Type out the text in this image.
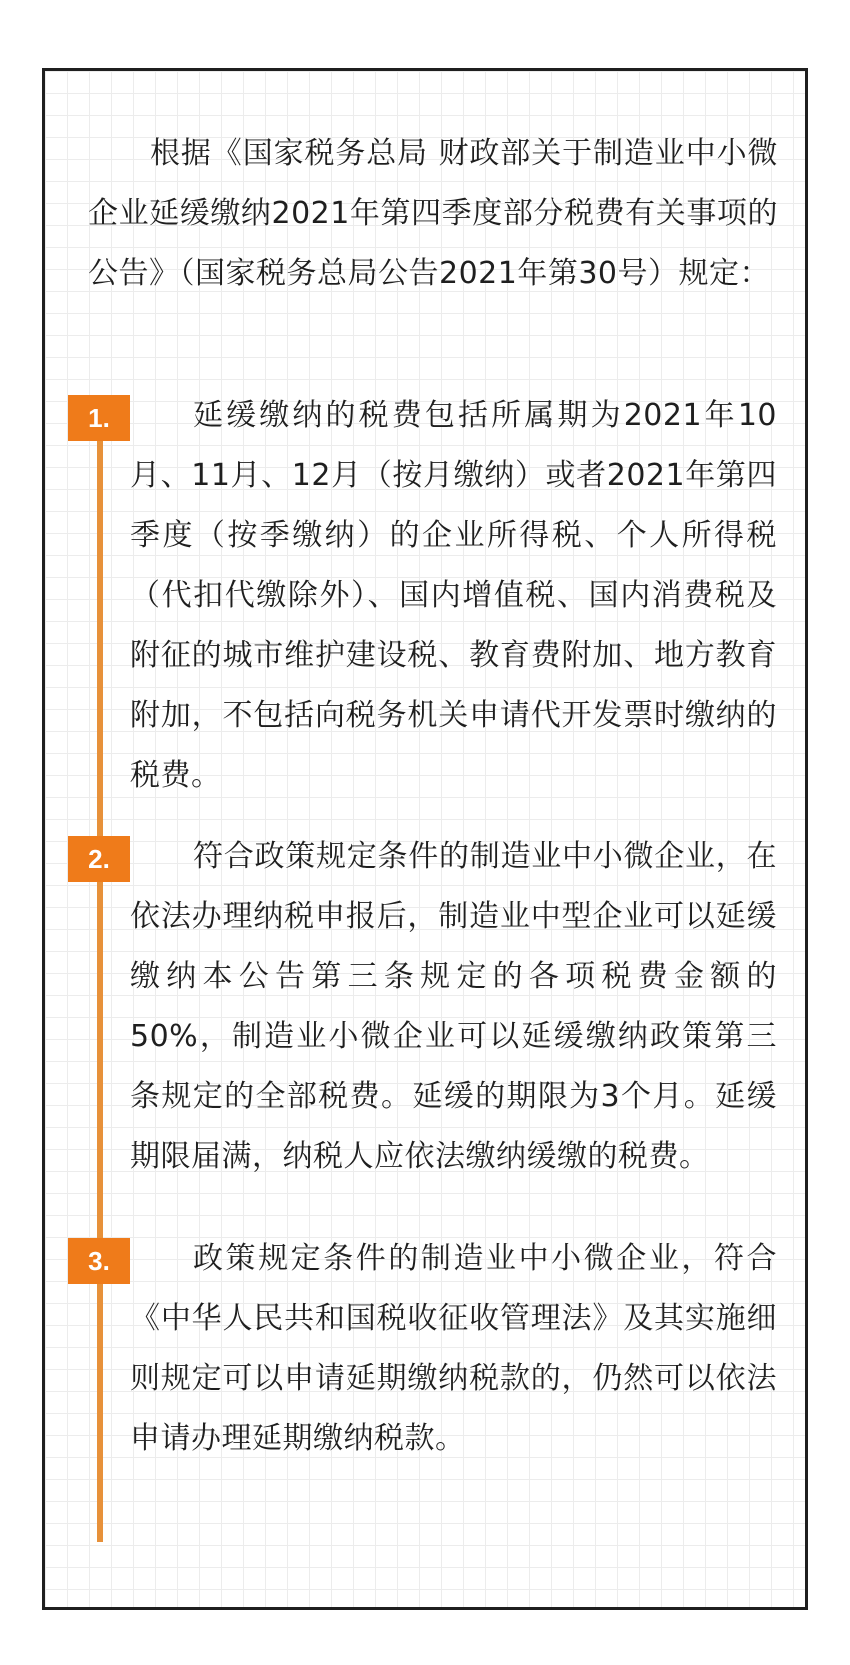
根据《国家税务总局 财政部关于制造业中小微企业延缓缴纳2021年第四季度部分税费有关事项的公告》（国家税务总局公告2021年第30号）规定：

1.	延缓缴纳的税费包括所属期为2021年10月、11月、12月（按月缴纳）或者2021年第四季度（按季缴纳）的企业所得税、个人所得税（代扣代缴除外）、国内增值税、国内消费税及附征的城市维护建设税、教育费附加、地方教育附加，不包括向税务机关申请代开发票时缴纳的税费。

2.	符合政策规定条件的制造业中小微企业，在依法办理纳税申报后，制造业中型企业可以延缓缴纳本公告第三条规定的各项税费金额的50%，制造业小微企业可以延缓缴纳政策第三条规定的全部税费。延缓的期限为3个月。延缓期限届满，纳税人应依法缴纳缓缴的税费。

3.	政策规定条件的制造业中小微企业，符合《中华人民共和国税收征收管理法》及其实施细则规定可以申请延期缴纳税款的，仍然可以依法申请办理延期缴纳税款。
